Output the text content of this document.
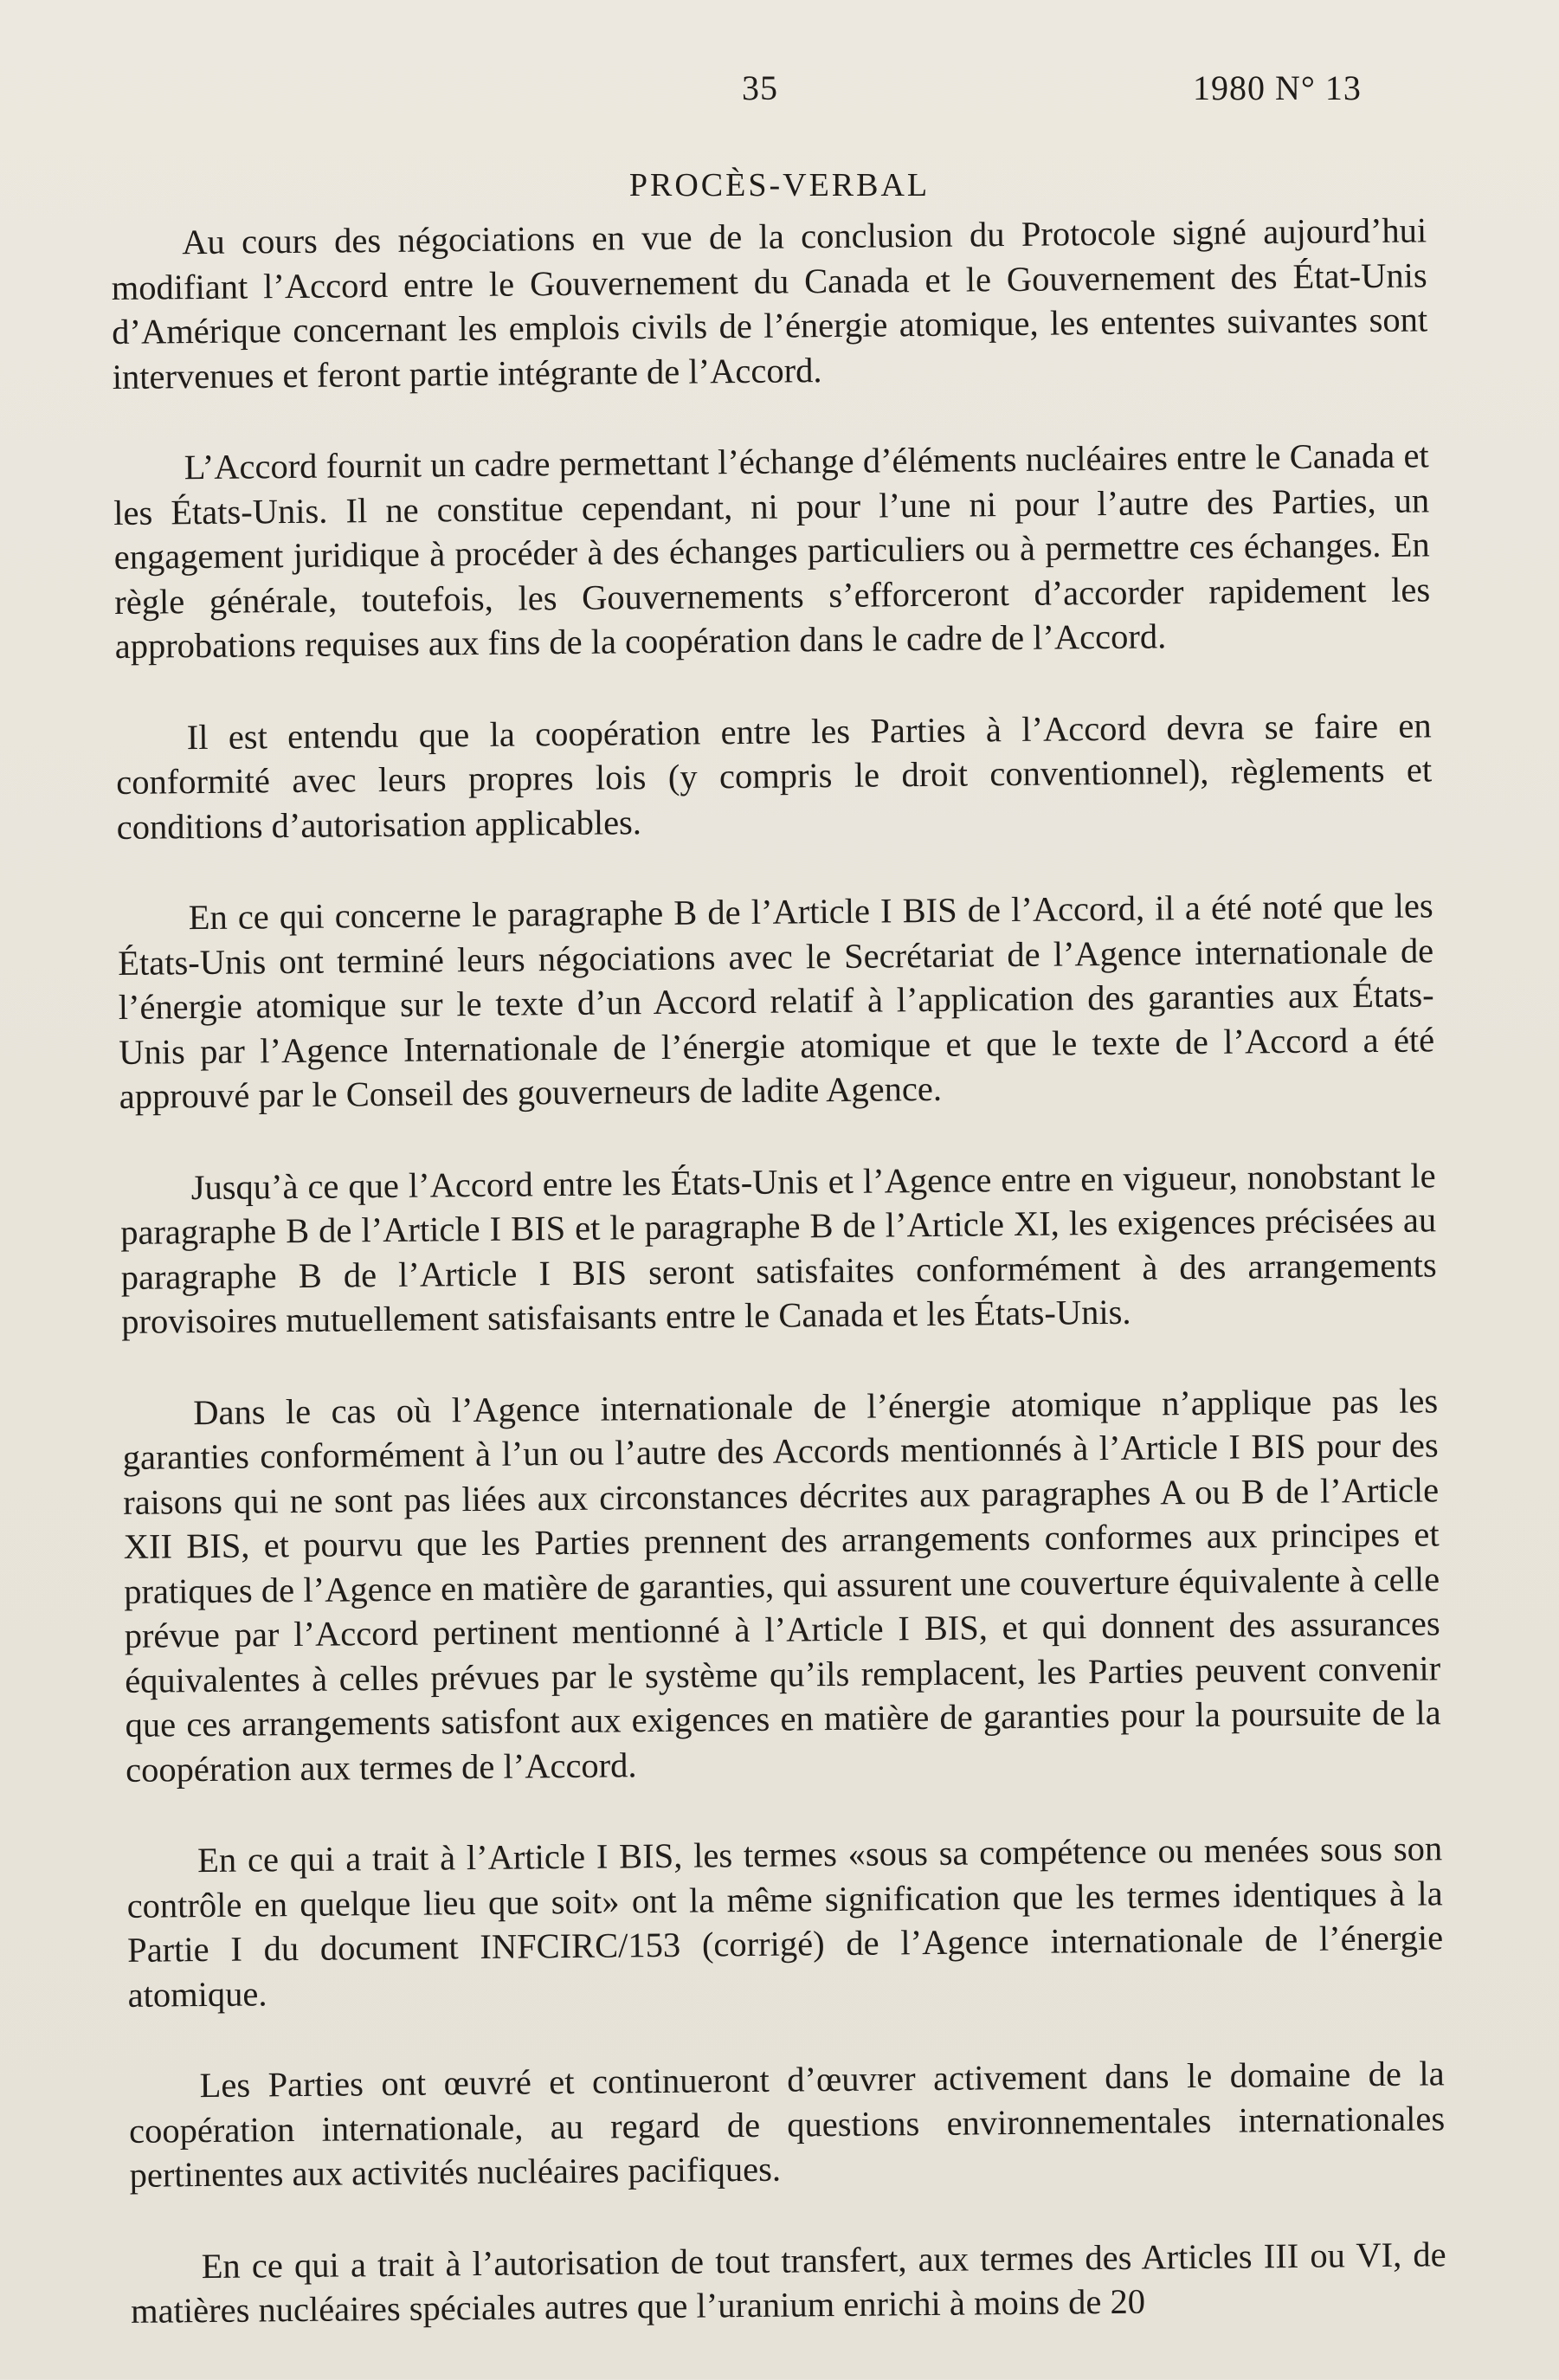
35	1980 N° 13
PROCÈS-VERBAL

Au cours des négociations en vue de la conclusion du Protocole signé aujourd’hui modifiant l’Accord entre le Gouvernement du Canada et le Gouvernement des État-Unis d’Amérique concernant les emplois civils de l’énergie atomique, les ententes suivantes sont intervenues et feront partie intégrante de l’Accord.

L’Accord fournit un cadre permettant l’échange d’éléments nucléaires entre le Canada et les États-Unis. Il ne constitue cependant, ni pour l’une ni pour l’autre des Parties, un engagement juridique à procéder à des échanges particuliers ou à permettre ces échanges. En règle générale, toutefois, les Gouvernements s’efforceront d’accorder rapidement les approbations requises aux fins de la coopération dans le cadre de l’Accord.

Il est entendu que la coopération entre les Parties à l’Accord devra se faire en conformité avec leurs propres lois (y compris le droit conventionnel), règlements et conditions d’autorisation applicables.

En ce qui concerne le paragraphe B de l’Article I BIS de l’Accord, il a été noté que les États-Unis ont terminé leurs négociations avec le Secrétariat de l’Agence internationale de l’énergie atomique sur le texte d’un Accord relatif à l’application des garanties aux États-Unis par l’Agence Internationale de l’énergie atomique et que le texte de l’Accord a été approuvé par le Conseil des gouverneurs de ladite Agence.

Jusqu’à ce que l’Accord entre les États-Unis et l’Agence entre en vigueur, nonobstant le paragraphe B de l’Article I BIS et le paragraphe B de l’Article XI, les exigences précisées au paragraphe B de l’Article I BIS seront satisfaites conformément à des arrangements provisoires mutuellement satisfaisants entre le Canada et les États-Unis.

Dans le cas où l’Agence internationale de l’énergie atomique n’applique pas les garanties conformément à l’un ou l’autre des Accords mentionnés à l’Article I BIS pour des raisons qui ne sont pas liées aux circonstances décrites aux paragraphes A ou B de l’Article XII BIS, et pourvu que les Parties prennent des arrangements conformes aux principes et pratiques de l’Agence en matière de garanties, qui assurent une couverture équivalente à celle prévue par l’Accord pertinent mentionné à l’Article I BIS, et qui donnent des assurances équivalentes à celles prévues par le système qu’ils remplacent, les Parties peuvent convenir que ces arrangements satisfont aux exigences en matière de garanties pour la poursuite de la coopération aux termes de l’Accord.

En ce qui a trait à l’Article I BIS, les termes «sous sa compétence ou menées sous son contrôle en quelque lieu que soit» ont la même signification que les termes identiques à la Partie I du document INFCIRC/153 (corrigé) de l’Agence internationale de l’énergie atomique.

Les Parties ont œuvré et continueront d’œuvrer activement dans le domaine de la coopération internationale, au regard de questions environnementales internationales pertinentes aux activités nucléaires pacifiques.

En ce qui a trait à l’autorisation de tout transfert, aux termes des Articles III ou VI, de matières nucléaires spéciales autres que l’uranium enrichi à moins de 20
